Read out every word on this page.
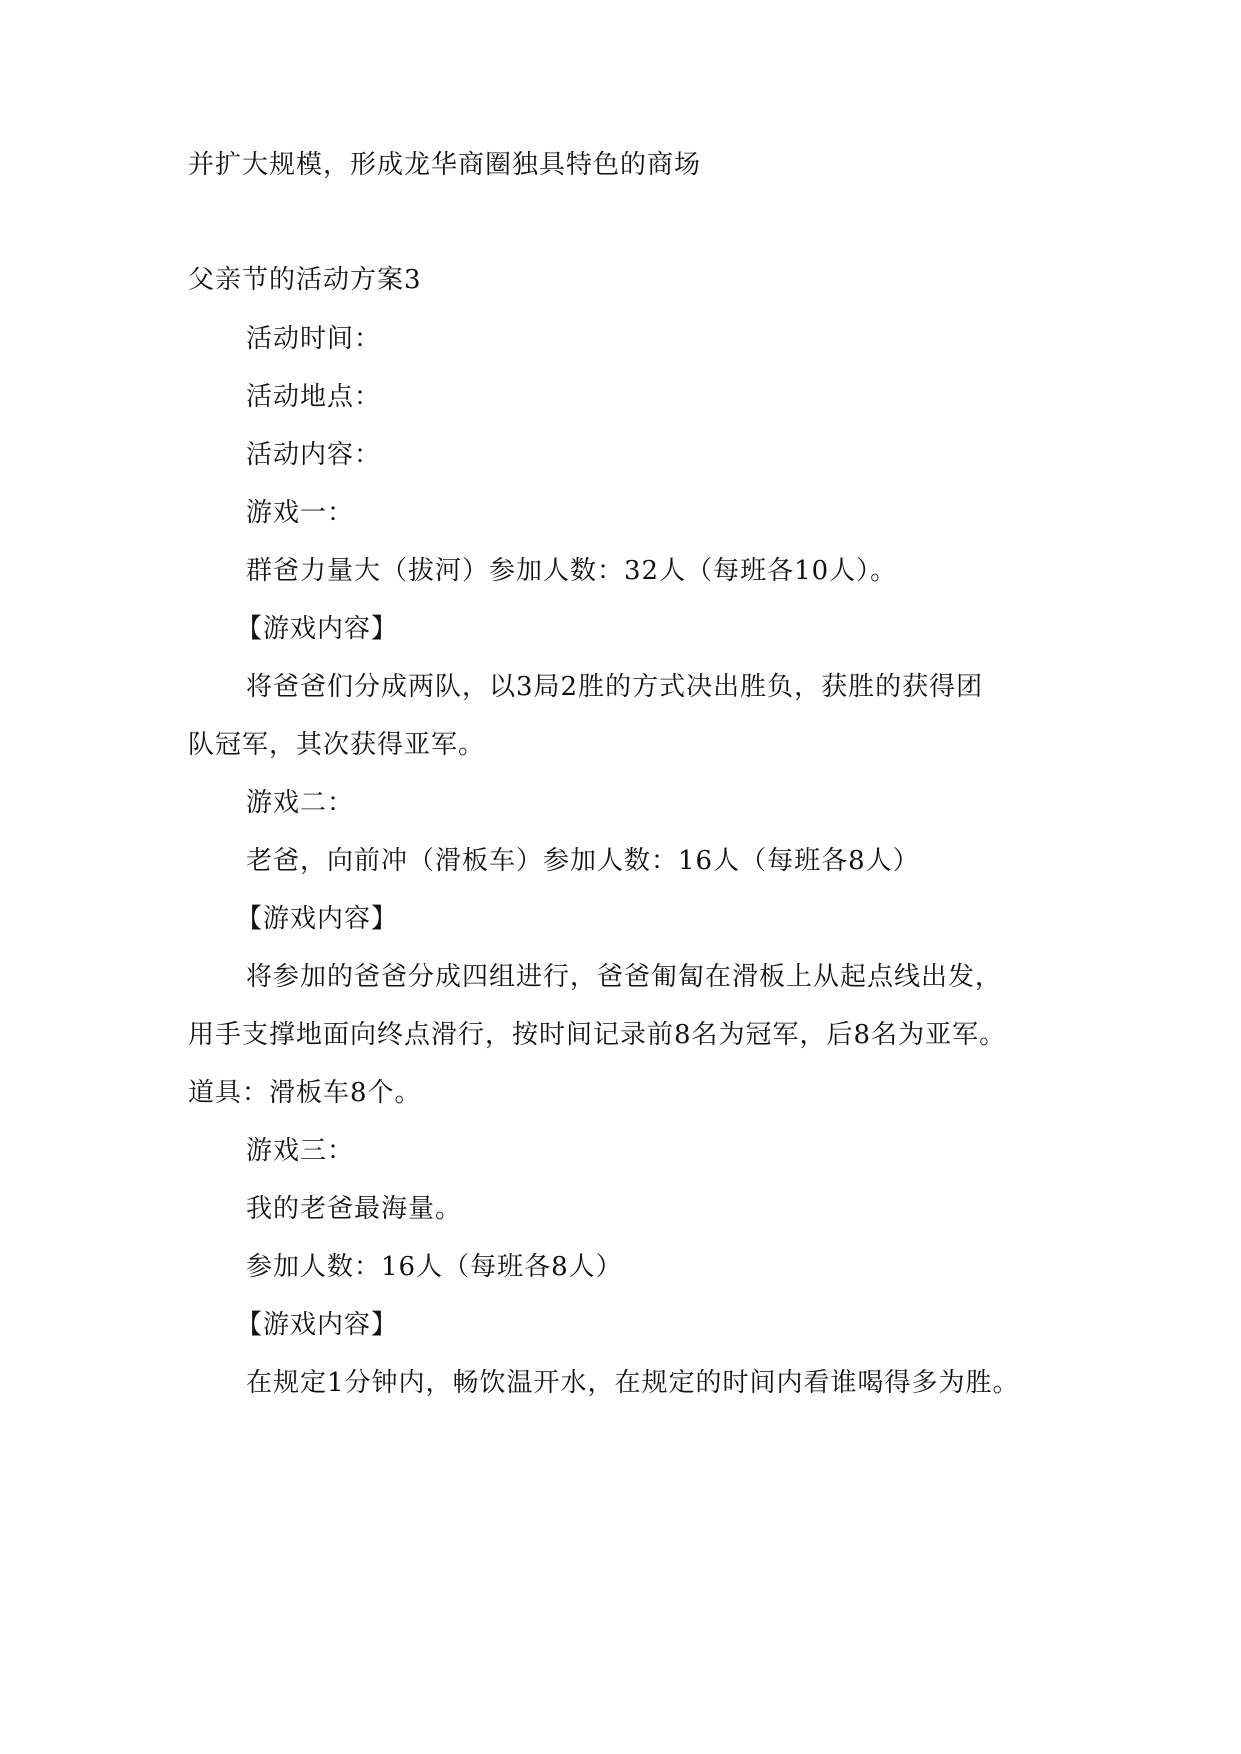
并扩大规模，形成龙华商圈独具特色的商场
父亲节的活动方案3
活动时间：
活动地点：
活动内容：
游戏一：
群爸力量大（拔河）参加人数：32人（每班各10人）。
【游戏内容】
将爸爸们分成两队，以3局2胜的方式决出胜负，获胜的获得团
队冠军，其次获得亚军。
游戏二：
老爸，向前冲（滑板车）参加人数：16人（每班各8人）
【游戏内容】
将参加的爸爸分成四组进行，爸爸匍匐在滑板上从起点线出发，
用手支撑地面向终点滑行，按时间记录前8名为冠军，后8名为亚军。
道具：滑板车8个。
游戏三：
我的老爸最海量。
参加人数：16人（每班各8人）
【游戏内容】
在规定1分钟内，畅饮温开水，在规定的时间内看谁喝得多为胜。
